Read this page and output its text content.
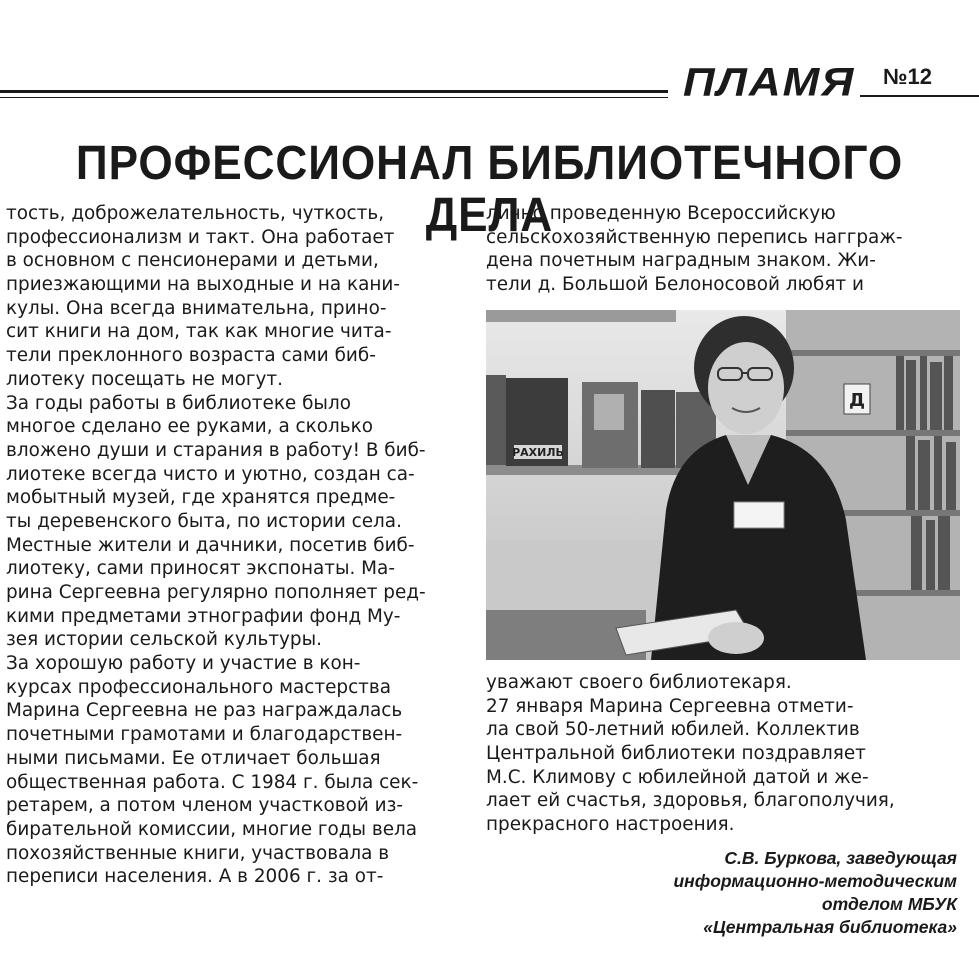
ПЛАМЯ №12
ПРОФЕССИОНАЛ БИБЛИОТЕЧНОГО ДЕЛА
тость, доброжелательность, чуткость,
профессионализм и такт. Она работает
в основном с пенсионерами и детьми,
приезжающими на выходные и на кани-
кулы. Она всегда внимательна, прино-
сит книги на дом, так как многие чита-
тели преклонного возраста сами биб-
лиотеку посещать не могут.
За годы работы в библиотеке было
многое сделано ее руками, а сколько
вложено души и старания в работу! В биб-
лиотеке всегда чисто и уютно, создан са-
мобытный музей, где хранятся предме-
ты деревенского быта, по истории села.
Местные жители и дачники, посетив биб-
лиотеку, сами приносят экспонаты. Ма-
рина Сергеевна регулярно пополняет ред-
кими предметами этнографии фонд Му-
зея истории сельской культуры.
За хорошую работу и участие в кон-
курсах профессионального мастерства
Марина Сергеевна не раз награждалась
почетными грамотами и благодарствен-
ными письмами. Ее отличает большая
общественная работа. С 1984 г. была сек-
ретарем, а потом членом участковой из-
бирательной комиссии, многие годы вела
похозяйственные книги, участвовала в
переписи населения. А в 2006 г. за от-
лично проведенную Всероссийскую
сельскохозяйственную перепись нагграж-
дена почетным наградным знаком. Жи-
тели д. Большой Белоносовой любят и
РАХИЛЬ
Д
уважают своего библиотекаря.
27 января Марина Сергеевна отмети-
ла свой 50-летний юбилей. Коллектив
Центральной библиотеки поздравляет
М.С. Климову с юбилейной датой и же-
лает ей счастья, здоровья, благополучия,
прекрасного настроения.
С.В. Буркова, заведующая
информационно-методическим
отделом МБУК
«Центральная библиотека»
